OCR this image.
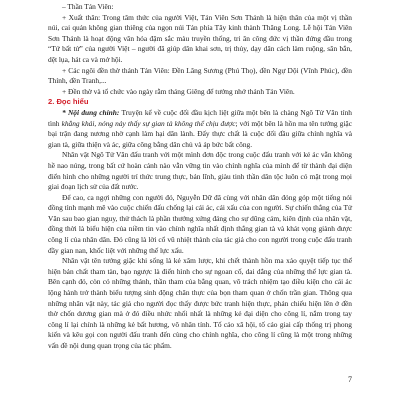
– Thần Tản Viên:

+ Xuất thân: Trong tâm thức của người Việt, Tản Viên Sơn Thánh là hiện thân của một vị thần núi, cai quản không gian thiêng của ngọn núi Tản phía Tây kinh thành Thăng Long. Lễ hội Tản Viên Sơn Thánh là hoạt động văn hóa đậm sắc màu truyền thống, tri ân công đức vị thần đứng đầu trong “Tứ bất tử” của người Việt – người đã giúp dân khai sơn, trị thủy, dạy dân cách làm ruộng, săn bắn, dệt lụa, hát ca và mở hội.

+ Các ngôi đền thờ thánh Tản Viên: Đền Lăng Sương (Phú Thọ), đền Ngự Dội (Vĩnh Phúc), đền Thính, đền Tranh,...

+ Đền thờ và tổ chức vào ngày rằm tháng Giêng để tưởng nhớ thánh Tản Viên.

2. Đọc hiểu

* Nội dung chính: Truyện kể về cuộc đối đầu kịch liệt giữa một bên là chàng Ngô Tử Văn tính tình khẳng khái, nóng nảy thấy sự gian tà không thể chịu được; với một bên là hồn ma tên tướng giặc bại trận đang nương nhờ cạnh làm hại dân lành. Đấy thực chất là cuộc đối đầu giữa chính nghĩa và gian tà, giữa thiện và ác, giữa công bằng dân chủ và áp bức bất công.

Nhân vật Ngô Tử Văn đấu tranh với một mình đơn độc trong cuộc đấu tranh với kẻ ác vẫn không hề nao núng, trong bất cứ hoàn cảnh nào vẫn vững tin vào chính nghĩa của mình để từ thành đại diện điển hình cho những người trí thức trung thực, bản lĩnh, giàu tinh thần dân tộc luôn có mặt trong mọi giai đoạn lịch sử của đất nước.

Để cao, ca ngợi những con người đó, Nguyễn Dữ đã cùng với nhân dân đóng góp một tiếng nói đồng tình mạnh mẽ vào cuộc chiến đấu chống lại cái ác, cái xấu của con người. Sự chiến thắng của Tử Văn sau bao gian nguy, thử thách là phần thưởng xứng đáng cho sự dũng cảm, kiên định của nhân vật, đồng thời là biểu hiện của niềm tin vào chính nghĩa nhất định thắng gian tà và khát vọng giành được công lí của nhân dân. Đó cũng là lời cổ vũ nhiệt thành của tác giả cho con người trong cuộc đấu tranh đầy gian nan, khốc liệt với những thế lực xấu.

Nhân vật tên tướng giặc khi sống là kẻ xâm lược, khi chết thành hồn ma xảo quyệt tiếp tục thể hiện bản chất tham tàn, bạo ngược là điển hình cho sự ngoan cố, dai dẳng của những thế lực gian tà. Bên cạnh đó, còn có những thánh, thần tham của bằng quan, vô trách nhiệm tạo điều kiện cho cái ác lộng hành trở thành biểu tượng sinh động chân thực của bọn tham quan ở chốn trần gian. Thông qua những nhân vật này, tác giả cho người đọc thấy được bức tranh hiện thực, phản chiếu hiện lên ở đền thờ chốn dương gian mà ở đó điều nhức nhối nhất là những kẻ đại diện cho công lí, nắm trong tay công lí lại chính là những kẻ bất hương, vô nhân tính. Tố cáo xã hội, tố cáo giai cấp thống trị phong kiến và kêu gọi con người đấu tranh đến cùng cho chính nghĩa, cho công lí cũng là một trong những vấn đề nội dung quan trọng của tác phẩm.

7
